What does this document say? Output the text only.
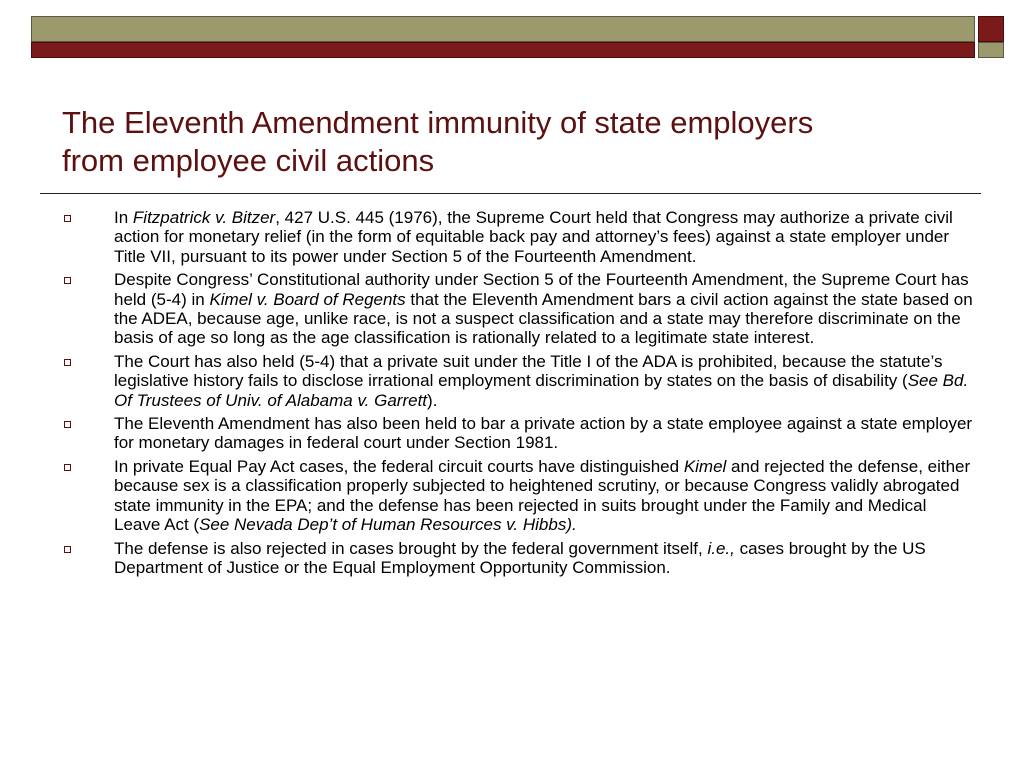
The Eleventh Amendment immunity of state employers
from employee civil actions
In Fitzpatrick v. Bitzer, 427 U.S. 445 (1976), the Supreme Court held that Congress may authorize a private civil action for monetary relief (in the form of equitable back pay and attorney’s fees) against a state employer under Title VII, pursuant to its power under Section 5 of the Fourteenth Amendment.
Despite Congress’ Constitutional authority under Section 5 of the Fourteenth Amendment, the Supreme Court has held (5-4) in Kimel v. Board of Regents that the Eleventh Amendment bars a civil action against the state based on the ADEA, because age, unlike race, is not a suspect classification and a state may therefore discriminate on the basis of age so long as the age classification is rationally related to a legitimate state interest.
The Court has also held (5-4) that a private suit under the Title I of the ADA is prohibited, because the statute’s legislative history fails to disclose irrational employment discrimination by states on the basis of disability (See Bd. Of Trustees of Univ. of Alabama v. Garrett).
The Eleventh Amendment has also been held to bar a private action by a state employee against a state employer for monetary damages in federal court under Section 1981.
In private Equal Pay Act cases, the federal circuit courts have distinguished Kimel and rejected the defense, either because sex is a classification properly subjected to heightened scrutiny, or because Congress validly abrogated state immunity in the EPA; and the defense has been rejected in suits brought under the Family and Medical Leave Act (See Nevada Dep’t of Human Resources v. Hibbs).
The defense is also rejected in cases brought by the federal government itself, i.e., cases brought by the US Department of Justice or the Equal Employment Opportunity Commission.
